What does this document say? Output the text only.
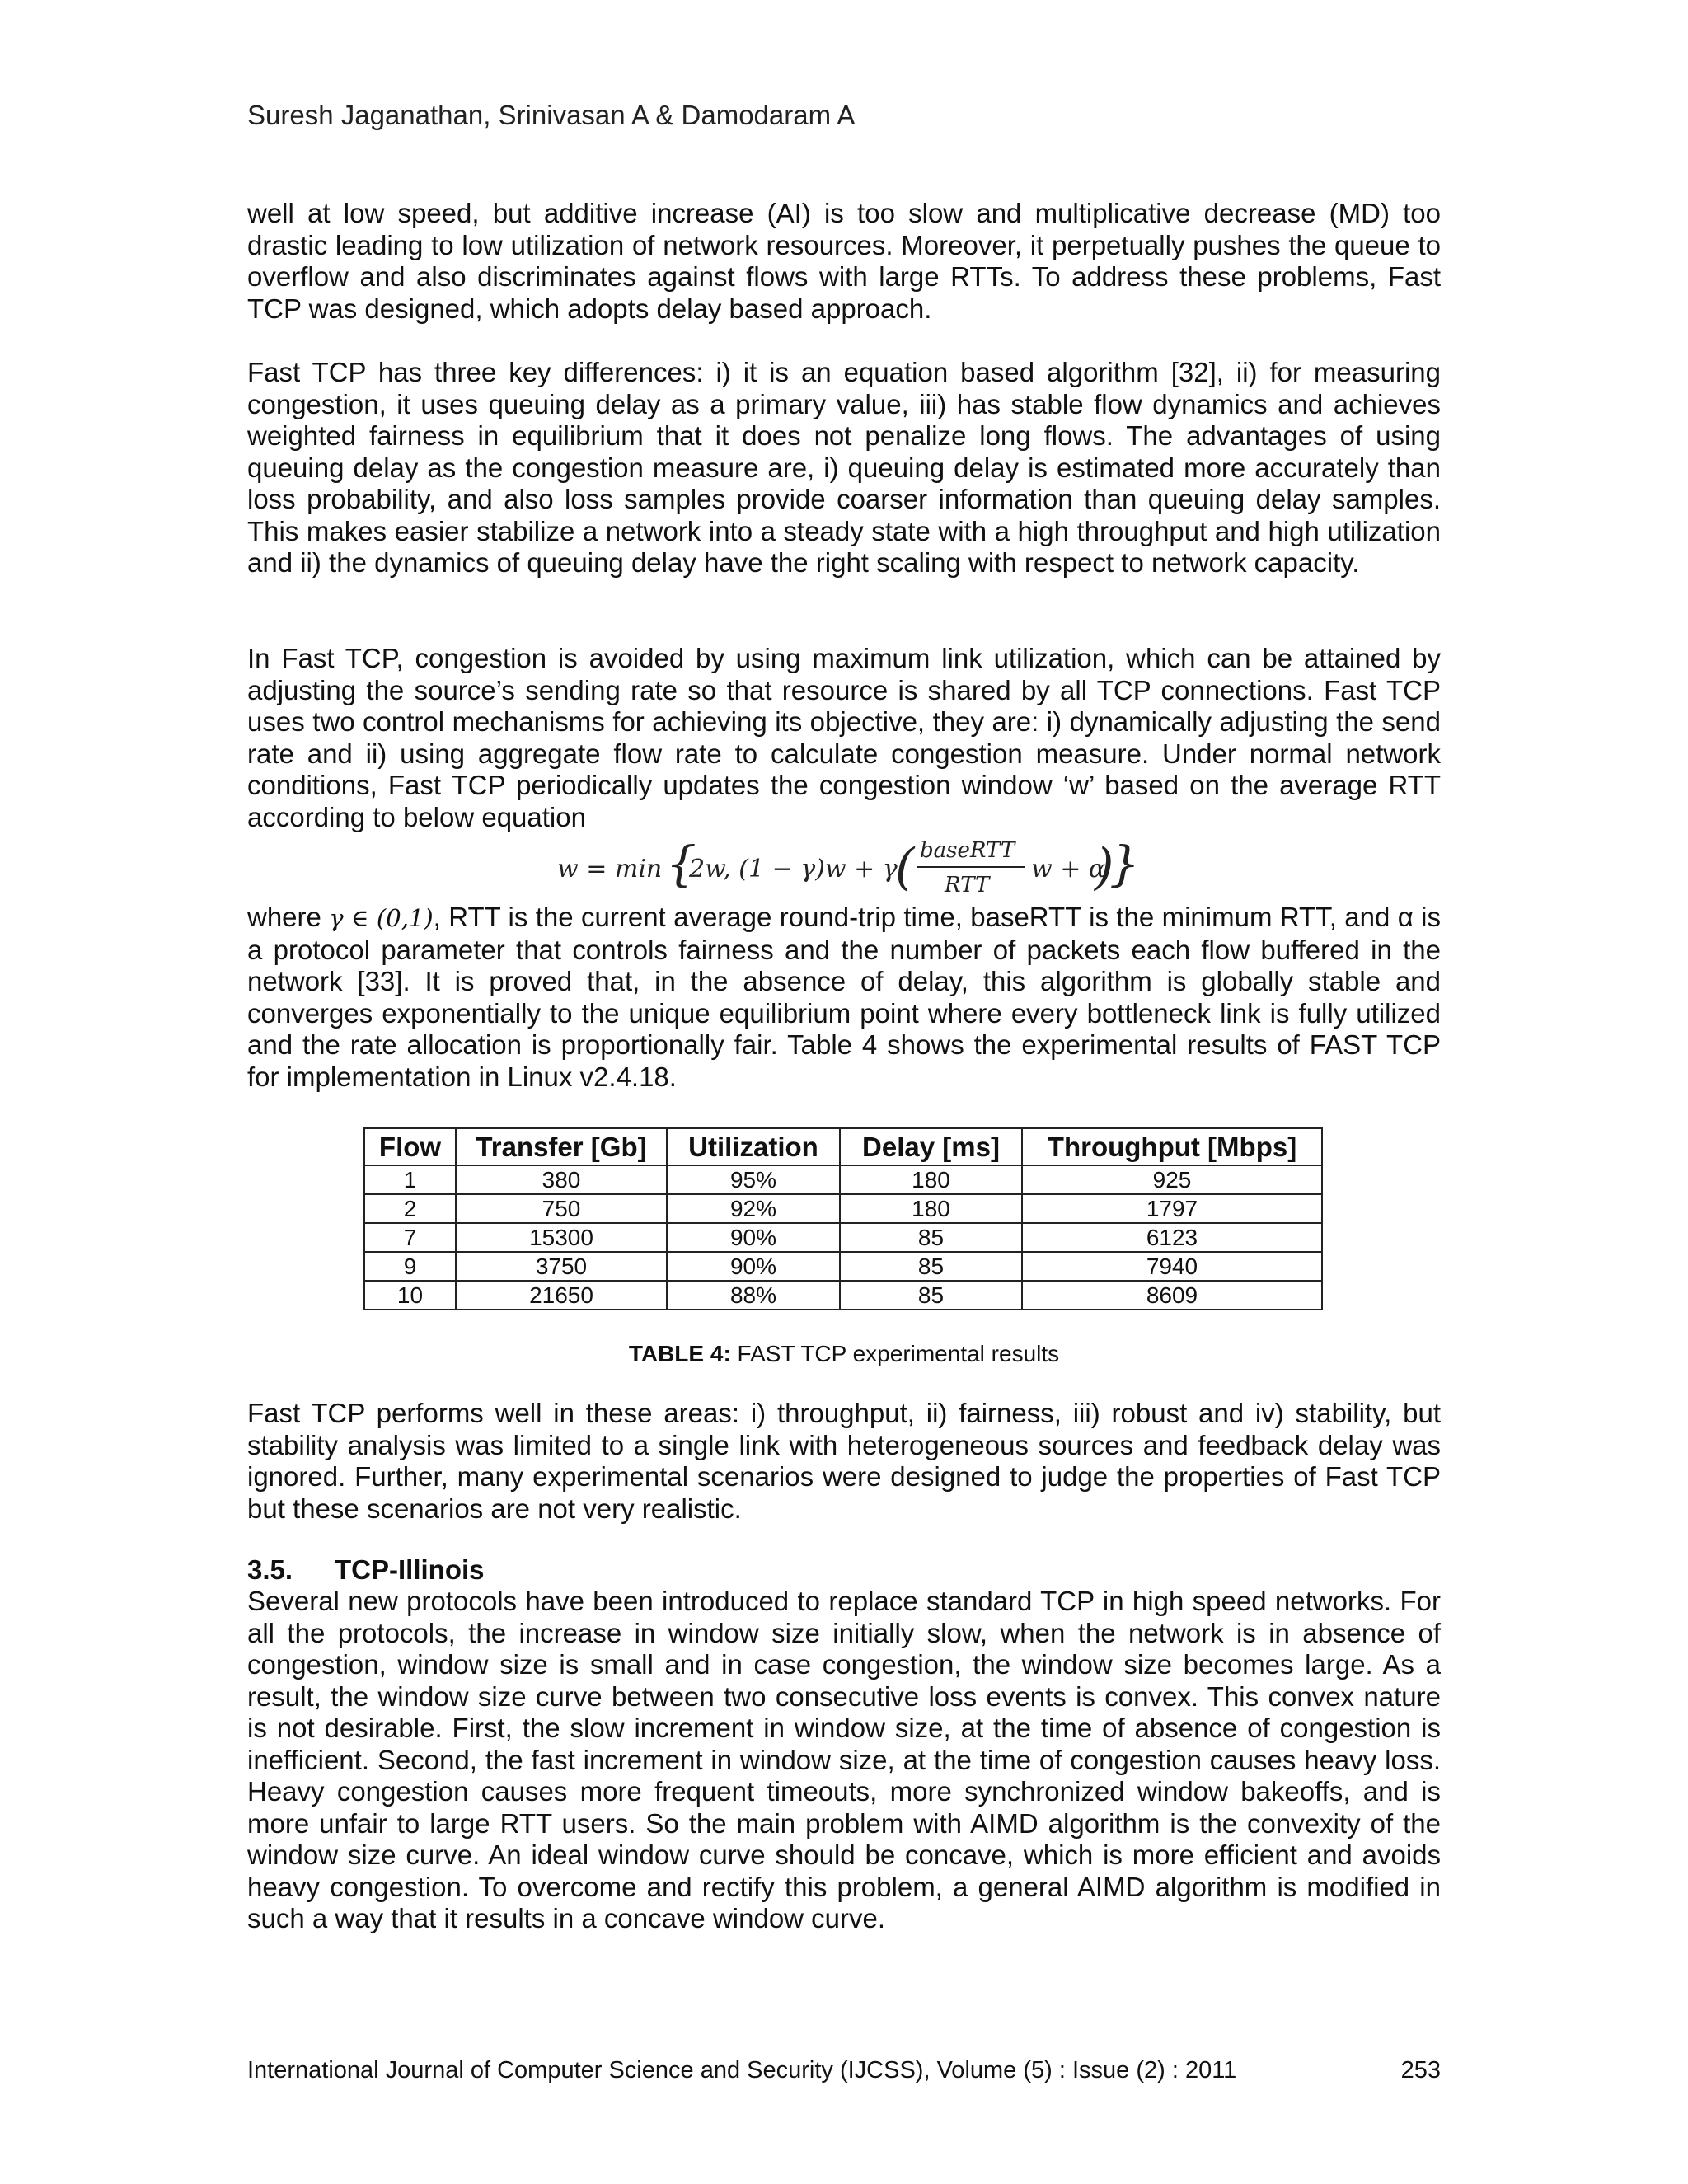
Suresh Jaganathan, Srinivasan A & Damodaram A

well at low speed, but additive increase (AI) is too slow and multiplicative decrease (MD) too drastic leading to low utilization of network resources. Moreover, it perpetually pushes the queue to overflow and also discriminates against flows with large RTTs. To address these problems, Fast TCP was designed, which adopts delay based approach.

Fast TCP has three key differences: i) it is an equation based algorithm [32], ii) for measuring congestion, it uses queuing delay as a primary value, iii) has stable flow dynamics and achieves weighted fairness in equilibrium that it does not penalize long flows. The advantages of using queuing delay as the congestion measure are, i) queuing delay is estimated more accurately than loss probability, and also loss samples provide coarser information than queuing delay samples. This makes easier stabilize a network into a steady state with a high throughput and high utilization and ii) the dynamics of queuing delay have the right scaling with respect to network capacity.

In Fast TCP, congestion is avoided by using maximum link utilization, which can be attained by adjusting the source’s sending rate so that resource is shared by all TCP connections. Fast TCP uses two control mechanisms for achieving its objective, they are: i) dynamically adjusting the send rate and ii) using aggregate flow rate to calculate congestion measure. Under normal network conditions, Fast TCP periodically updates the congestion window ‘w’ based on the average RTT according to below equation

w = min {
2w, (1 − γ)w + γ
( baseRTT
RTT
w + α
)
}

where γ ∈ (0,1), RTT is the current average round-trip time, baseRTT is the minimum RTT, and α is a protocol parameter that controls fairness and the number of packets each flow buffered in the network [33]. It is proved that, in the absence of delay, this algorithm is globally stable and converges exponentially to the unique equilibrium point where every bottleneck link is fully utilized and the rate allocation is proportionally fair. Table 4 shows the experimental results of FAST TCP for implementation in Linux v2.4.18.

Flow	Transfer [Gb]	Utilization	Delay [ms]	Throughput [Mbps]
1	380	95%	180	925
2	750	92%	180	1797
7	15300	90%	85	6123
9	3750	90%	85	7940
10	21650	88%	85	8609
TABLE 4: FAST TCP experimental results

Fast TCP performs well in these areas: i) throughput, ii) fairness, iii) robust and iv) stability, but stability analysis was limited to a single link with heterogeneous sources and feedback delay was ignored. Further, many experimental scenarios were designed to judge the properties of Fast TCP but these scenarios are not very realistic.

3.5. TCP-Illinois

Several new protocols have been introduced to replace standard TCP in high speed networks. For all the protocols, the increase in window size initially slow, when the network is in absence of congestion, window size is small and in case congestion, the window size becomes large. As a result, the window size curve between two consecutive loss events is convex. This convex nature is not desirable. First, the slow increment in window size, at the time of absence of congestion is inefficient. Second, the fast increment in window size, at the time of congestion causes heavy loss. Heavy congestion causes more frequent timeouts, more synchronized window bakeoffs, and is more unfair to large RTT users. So the main problem with AIMD algorithm is the convexity of the window size curve. An ideal window curve should be concave, which is more efficient and avoids heavy congestion. To overcome and rectify this problem, a general AIMD algorithm is modified in such a way that it results in a concave window curve.

International Journal of Computer Science and Security (IJCSS), Volume (5) : Issue (2) : 2011	253
